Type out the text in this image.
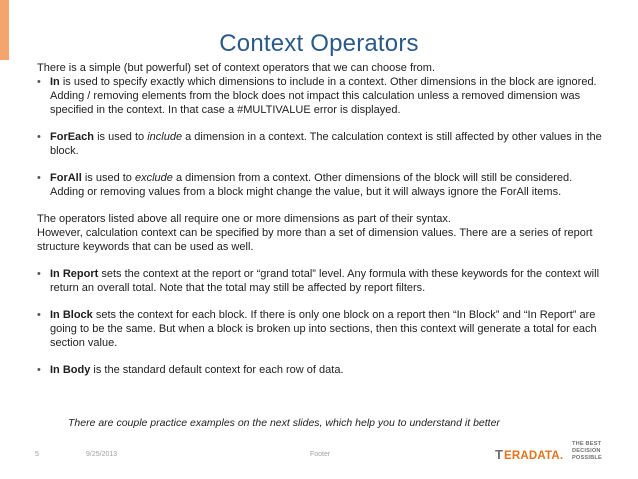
Context Operators

There is a simple (but powerful) set of context operators that we can choose from.

• In is used to specify exactly which dimensions to include in a context. Other dimensions in the block are ignored. Adding / removing elements from the block does not impact this calculation unless a removed dimension was specified in the context. In that case a #MULTIVALUE error is displayed.

• ForEach is used to include a dimension in a context. The calculation context is still affected by other values in the block.

• ForAll is used to exclude a dimension from a context. Other dimensions of the block will still be considered. Adding or removing values from a block might change the value, but it will always ignore the ForAll items.

The operators listed above all require one or more dimensions as part of their syntax.

However, calculation context can be specified by more than a set of dimension values. There are a series of report structure keywords that can be used as well.

• In Report sets the context at the report or “grand total” level. Any formula with these keywords for the context will return an overall total. Note that the total may still be affected by report filters.

• In Block sets the context for each block. If there is only one block on a report then “In Block” and “In Report” are going to be the same. But when a block is broken up into sections, then this context will generate a total for each section value.

• In Body is the standard default context for each row of data.

There are couple practice examples on the next slides, which help you to understand it better
5	9/25/2013	Footer	T ERADATA.
THE BEST DECISION POSSIBLE
